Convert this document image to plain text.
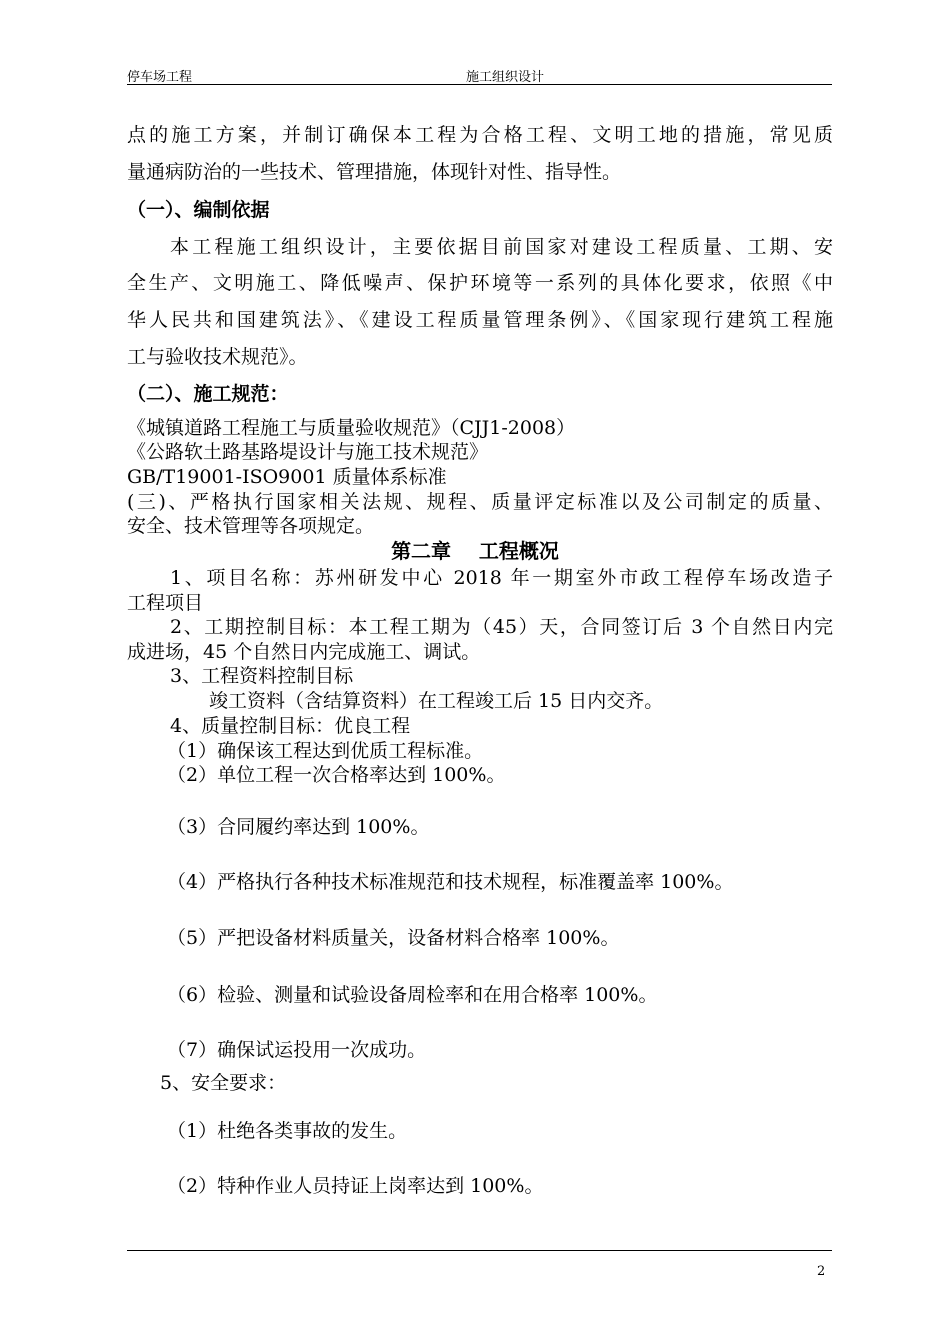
停车场工程	施工组织设计
点的施工方案，并制订确保本工程为合格工程、文明工地的措施，常见质
量通病防治的一些技术、管理措施，体现针对性、指导性。
（一）、编制依据
本工程施工组织设计，主要依据目前国家对建设工程质量、工期、安
全生产、文明施工、降低噪声、保护环境等一系列的具体化要求，依照《中
华人民共和国建筑法》、《建设工程质量管理条例》、《国家现行建筑工程施
工与验收技术规范》。
（二）、施工规范：
《城镇道路工程施工与质量验收规范》（CJJ1-2008）
《公路软土路基路堤设计与施工技术规范》
GB/T19001-ISO9001 质量体系标准
(三)、严格执行国家相关法规、规程、质量评定标准以及公司制定的质量、
安全、技术管理等各项规定。
第二章    工程概况
1、项目名称：苏州研发中心 2018 年一期室外市政工程停车场改造子
工程项目
2、工期控制目标：本工程工期为（45）天，合同签订后 3 个自然日内完
成进场，45 个自然日内完成施工、调试。
3、工程资料控制目标
竣工资料（含结算资料）在工程竣工后 15 日内交齐。
4、质量控制目标：优良工程
（1）确保该工程达到优质工程标准。
（2）单位工程一次合格率达到 100%。
（3）合同履约率达到 100%。
（4）严格执行各种技术标准规范和技术规程，标准覆盖率 100%。
（5）严把设备材料质量关，设备材料合格率 100%。
（6）检验、测量和试验设备周检率和在用合格率 100%。
（7）确保试运投用一次成功。
5、安全要求：
（1）杜绝各类事故的发生。
（2）特种作业人员持证上岗率达到 100%。
2
